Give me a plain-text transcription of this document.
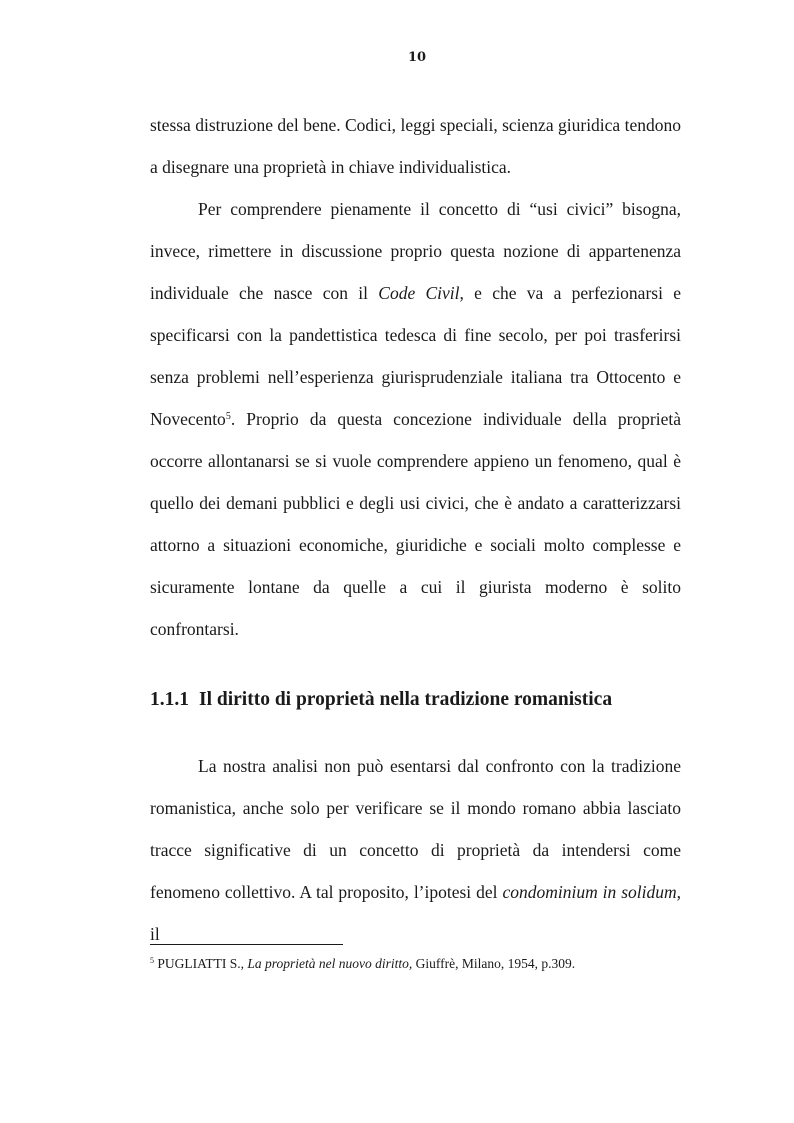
10

stessa distruzione del bene. Codici, leggi speciali, scienza giuridica tendono a disegnare una proprietà in chiave individualistica.

Per comprendere pienamente il concetto di “usi civici” bisogna, invece, rimettere in discussione proprio questa nozione di appartenenza individuale che nasce con il Code Civil, e che va a perfezionarsi e specificarsi con la pandettistica tedesca di fine secolo, per poi trasferirsi senza problemi nell’esperienza giurisprudenziale italiana tra Ottocento e Novecento$^5$. Proprio da questa concezione individuale della proprietà occorre allontanarsi se si vuole comprendere appieno un fenomeno, qual è quello dei demani pubblici e degli usi civici, che è andato a caratterizzarsi attorno a situazioni economiche, giuridiche e sociali molto complesse e sicuramente lontane da quelle a cui il giurista moderno è solito confrontarsi.

1.1.1 Il diritto di proprietà nella tradizione romanistica

La nostra analisi non può esentarsi dal confronto con la tradizione romanistica, anche solo per verificare se il mondo romano abbia lasciato tracce significative di un concetto di proprietà da intendersi come fenomeno collettivo. A tal proposito, l’ipotesi del condominium in solidum, il

$^5$ PUGLIATTI S., La proprietà nel nuovo diritto, Giuffrè, Milano, 1954, p.309.
